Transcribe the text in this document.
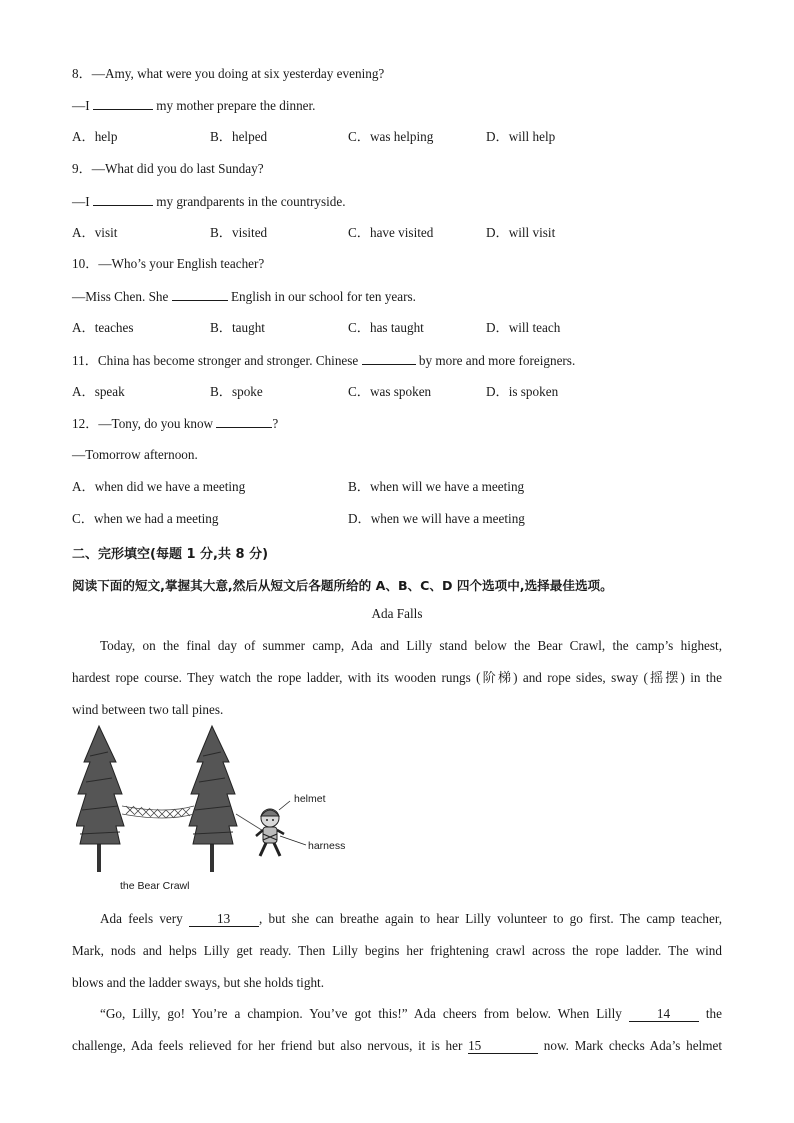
8．—Amy, what were you doing at six yesterday evening?
—I	my mother prepare the dinner.
A．help	B．helped	C．was helping	D．will help
9．—What did you do last Sunday?
—I	my grandparents in the countryside.
A．visit	B．visited	C．have visited	D．will visit
10．—Who’s your English teacher?
—Miss Chen. She	English in our school for ten years.
A．teaches	B．taught	C．has taught	D．will teach
11．China has become stronger and stronger. Chinese	by more and more foreigners.
A．speak	B．spoke	C．was spoken	D．is spoken
12．—Tony, do you know	?
—Tomorrow afternoon.
A．when did we have a meeting	B．when will we have a meeting
C．when we had a meeting	D．when we will have a meeting
二、完形填空(每题 1 分,共 8 分)
阅读下面的短文,掌握其大意,然后从短文后各题所给的 A、B、C、D 四个选项中,选择最佳选项。
Ada Falls
Today, on the final day of summer camp, Ada and Lilly stand below the Bear Crawl, the camp’s highest,
hardest rope course. They watch the rope ladder, with its wooden rungs (阶梯) and rope sides, sway (摇摆) in the
wind between two tall pines.
helmet
harness
the Bear Crawl
Ada feels very 13 , but she can breathe again to hear Lilly volunteer to go first. The camp teacher,
Mark, nods and helps Lilly get ready. Then Lilly begins her frightening crawl across the rope ladder. The wind
blows and the ladder sways, but she holds tight.
“Go, Lilly, go! You’re a champion. You’ve got this!” Ada cheers from below. When Lilly 14 the
challenge, Ada feels relieved for her friend but also nervous, it is her 15	now. Mark checks Ada’s helmet
